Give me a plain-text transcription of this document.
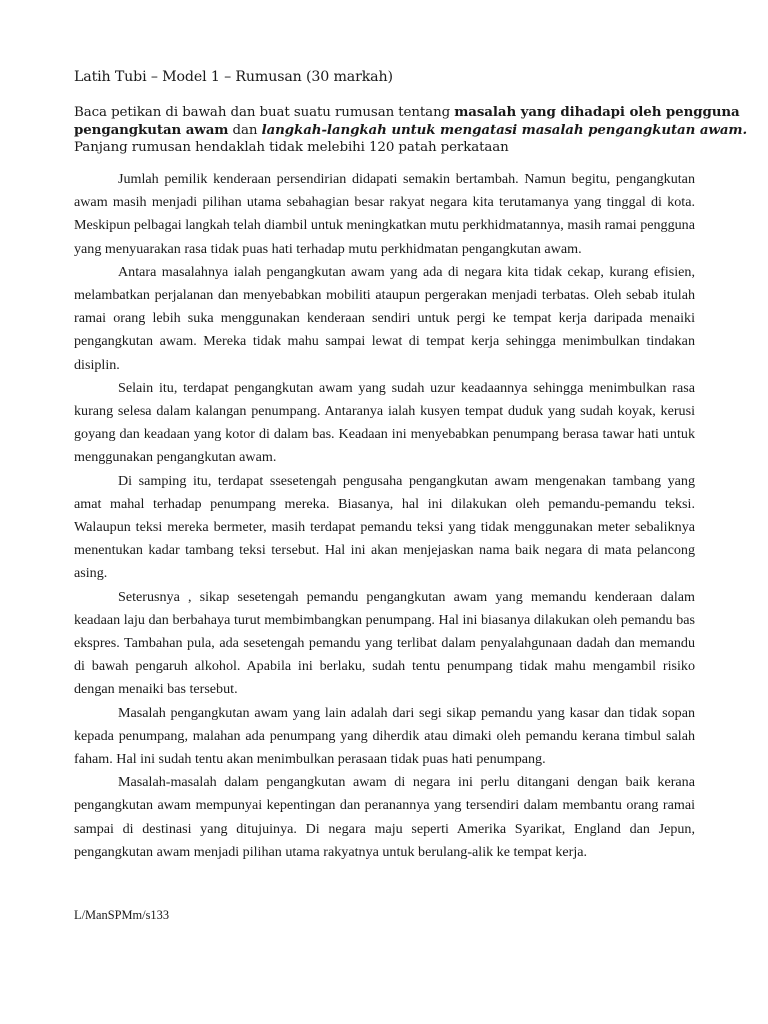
Latih Tubi – Model 1 – Rumusan (30 markah)
Baca petikan di bawah dan buat suatu rumusan tentang masalah yang dihadapi oleh pengguna
pengangkutan awam dan langkah-langkah untuk mengatasi masalah pengangkutan awam.
Panjang rumusan hendaklah tidak melebihi 120 patah perkataan

Jumlah pemilik kenderaan persendirian didapati semakin bertambah. Namun begitu, pengangkutan awam masih menjadi pilihan utama sebahagian besar rakyat negara kita terutamanya yang tinggal di kota. Meskipun pelbagai langkah telah diambil untuk meningkatkan mutu perkhidmatannya, masih ramai pengguna yang menyuarakan rasa tidak puas hati terhadap mutu perkhidmatan pengangkutan awam.

Antara masalahnya ialah pengangkutan awam yang ada di negara kita tidak cekap, kurang efisien, melambatkan perjalanan dan menyebabkan mobiliti ataupun pergerakan menjadi terbatas. Oleh sebab itulah ramai orang lebih suka menggunakan kenderaan sendiri untuk pergi ke tempat kerja daripada menaiki pengangkutan awam. Mereka tidak mahu sampai lewat di tempat kerja sehingga menimbulkan tindakan disiplin.

Selain itu, terdapat pengangkutan awam yang sudah uzur keadaannya sehingga menimbulkan rasa kurang selesa dalam kalangan penumpang. Antaranya ialah kusyen tempat duduk yang sudah koyak, kerusi goyang dan keadaan yang kotor di dalam bas. Keadaan ini menyebabkan penumpang berasa tawar hati untuk menggunakan pengangkutan awam.

Di samping itu, terdapat ssesetengah pengusaha pengangkutan awam mengenakan tambang yang amat mahal terhadap penumpang mereka. Biasanya, hal ini dilakukan oleh pemandu-pemandu teksi. Walaupun teksi mereka bermeter, masih terdapat pemandu teksi yang tidak menggunakan meter sebaliknya menentukan kadar tambang teksi tersebut. Hal ini akan menjejaskan nama baik negara di mata pelancong asing.

Seterusnya , sikap sesetengah pemandu pengangkutan awam yang memandu kenderaan dalam keadaan laju dan berbahaya turut membimbangkan penumpang. Hal ini biasanya dilakukan oleh pemandu bas ekspres. Tambahan pula, ada sesetengah pemandu yang terlibat dalam penyalahgunaan dadah dan memandu di bawah pengaruh alkohol. Apabila ini berlaku, sudah tentu penumpang tidak mahu mengambil risiko dengan menaiki bas tersebut.

Masalah pengangkutan awam yang lain adalah dari segi sikap pemandu yang kasar dan tidak sopan kepada penumpang, malahan ada penumpang yang diherdik atau dimaki oleh pemandu kerana timbul salah faham. Hal ini sudah tentu akan menimbulkan perasaan tidak puas hati penumpang.

Masalah-masalah dalam pengangkutan awam di negara ini perlu ditangani dengan baik kerana pengangkutan awam mempunyai kepentingan dan peranannya yang tersendiri dalam membantu orang ramai sampai di destinasi yang ditujuinya. Di negara maju seperti Amerika Syarikat, England dan Jepun, pengangkutan awam menjadi pilihan utama rakyatnya untuk berulang-alik ke tempat kerja.

L/ManSPMm/s133
